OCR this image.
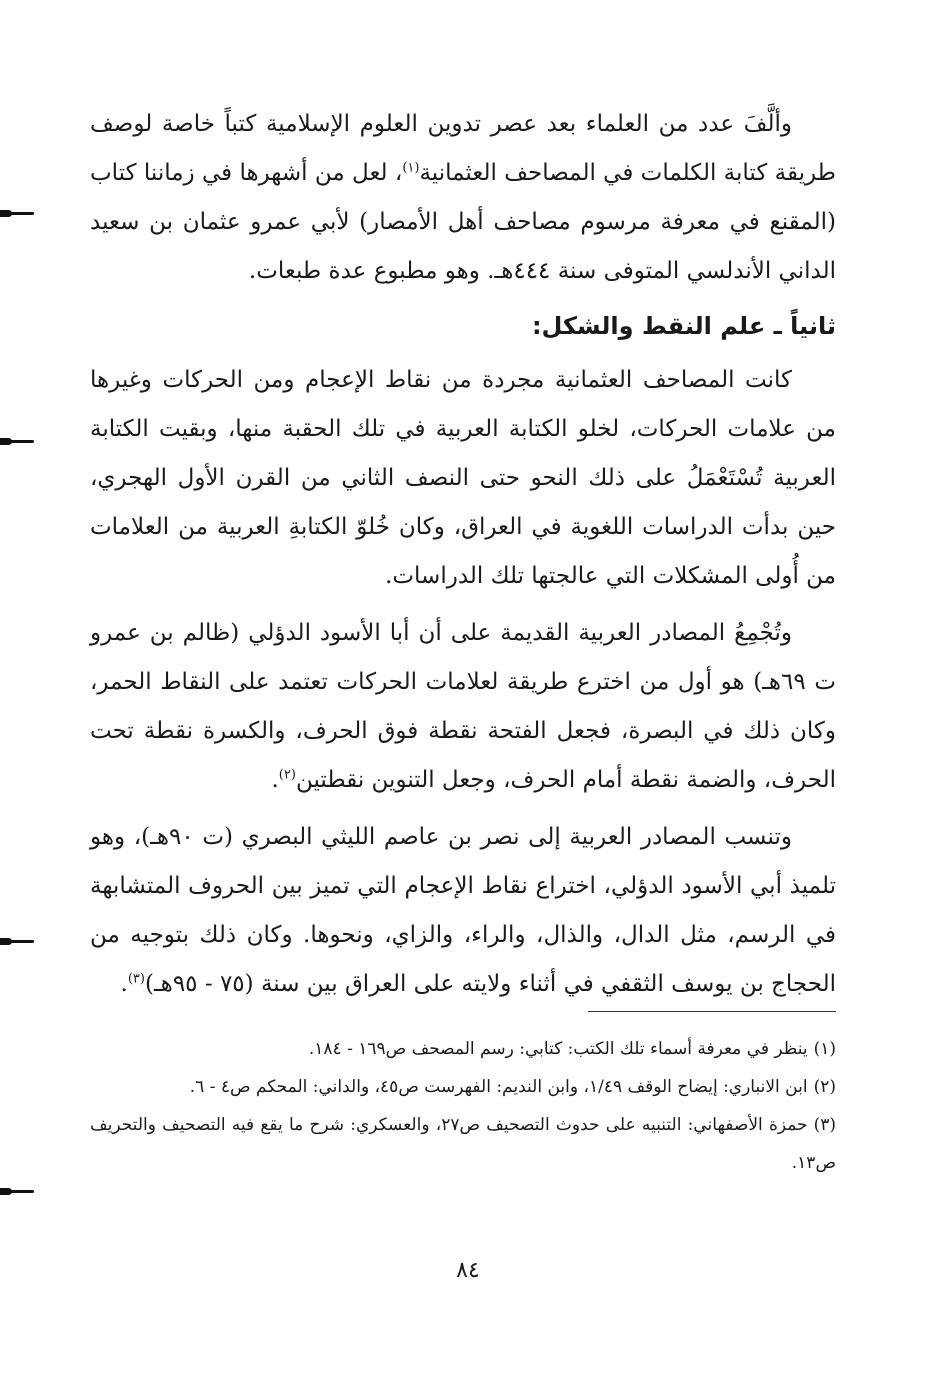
وألَّفَ عدد من العلماء بعد عصر تدوين العلوم الإسلامية كتباً خاصة لوصف طريقة كتابة الكلمات في المصاحف العثمانية$^{(١)}$، لعل من أشهرها في زماننا كتاب (المقنع في معرفة مرسوم مصاحف أهل الأمصار) لأبي عمرو عثمان بن سعيد الداني الأندلسي المتوفى سنة ٤٤٤هـ. وهو مطبوع عدة طبعات.

ثانياً ـ علم النقط والشكل:

كانت المصاحف العثمانية مجردة من نقاط الإعجام ومن الحركات وغيرها من علامات الحركات، لخلو الكتابة العربية في تلك الحقبة منها، وبقيت الكتابة العربية تُسْتَعْمَلُ على ذلك النحو حتى النصف الثاني من القرن الأول الهجري، حين بدأت الدراسات اللغوية في العراق، وكان خُلوّ الكتابةِ العربية من العلامات من أُولى المشكلات التي عالجتها تلك الدراسات.

وتُجْمِعُ المصادر العربية القديمة على أن أبا الأسود الدؤلي (ظالم بن عمرو ت ٦٩هـ) هو أول من اخترع طريقة لعلامات الحركات تعتمد على النقاط الحمر، وكان ذلك في البصرة، فجعل الفتحة نقطة فوق الحرف، والكسرة نقطة تحت الحرف، والضمة نقطة أمام الحرف، وجعل التنوين نقطتين$^{(٢)}$.

وتنسب المصادر العربية إلى نصر بن عاصم الليثي البصري (ت ٩٠هـ)، وهو تلميذ أبي الأسود الدؤلي، اختراع نقاط الإعجام التي تميز بين الحروف المتشابهة في الرسم، مثل الدال، والذال، والراء، والزاي، ونحوها. وكان ذلك بتوجيه من الحجاج بن يوسف الثقفي في أثناء ولايته على العراق بين سنة (٧٥ - ٩٥هـ)$^{(٣)}$.

(١)ينظر في معرفة أسماء تلك الكتب: كتابي: رسم المصحف ص١٦٩ - ١٨٤.

(٢)ابن الانباري: إيضاح الوقف ١/٤٩، وابن النديم: الفهرست ص٤٥، والداني: المحكم ص٤ - ٦.

(٣)حمزة الأصفهاني: التنبيه على حدوث التصحيف ص٢٧، والعسكري: شرح ما يقع فيه التصحيف والتحريف ص١٣.

٨٤
